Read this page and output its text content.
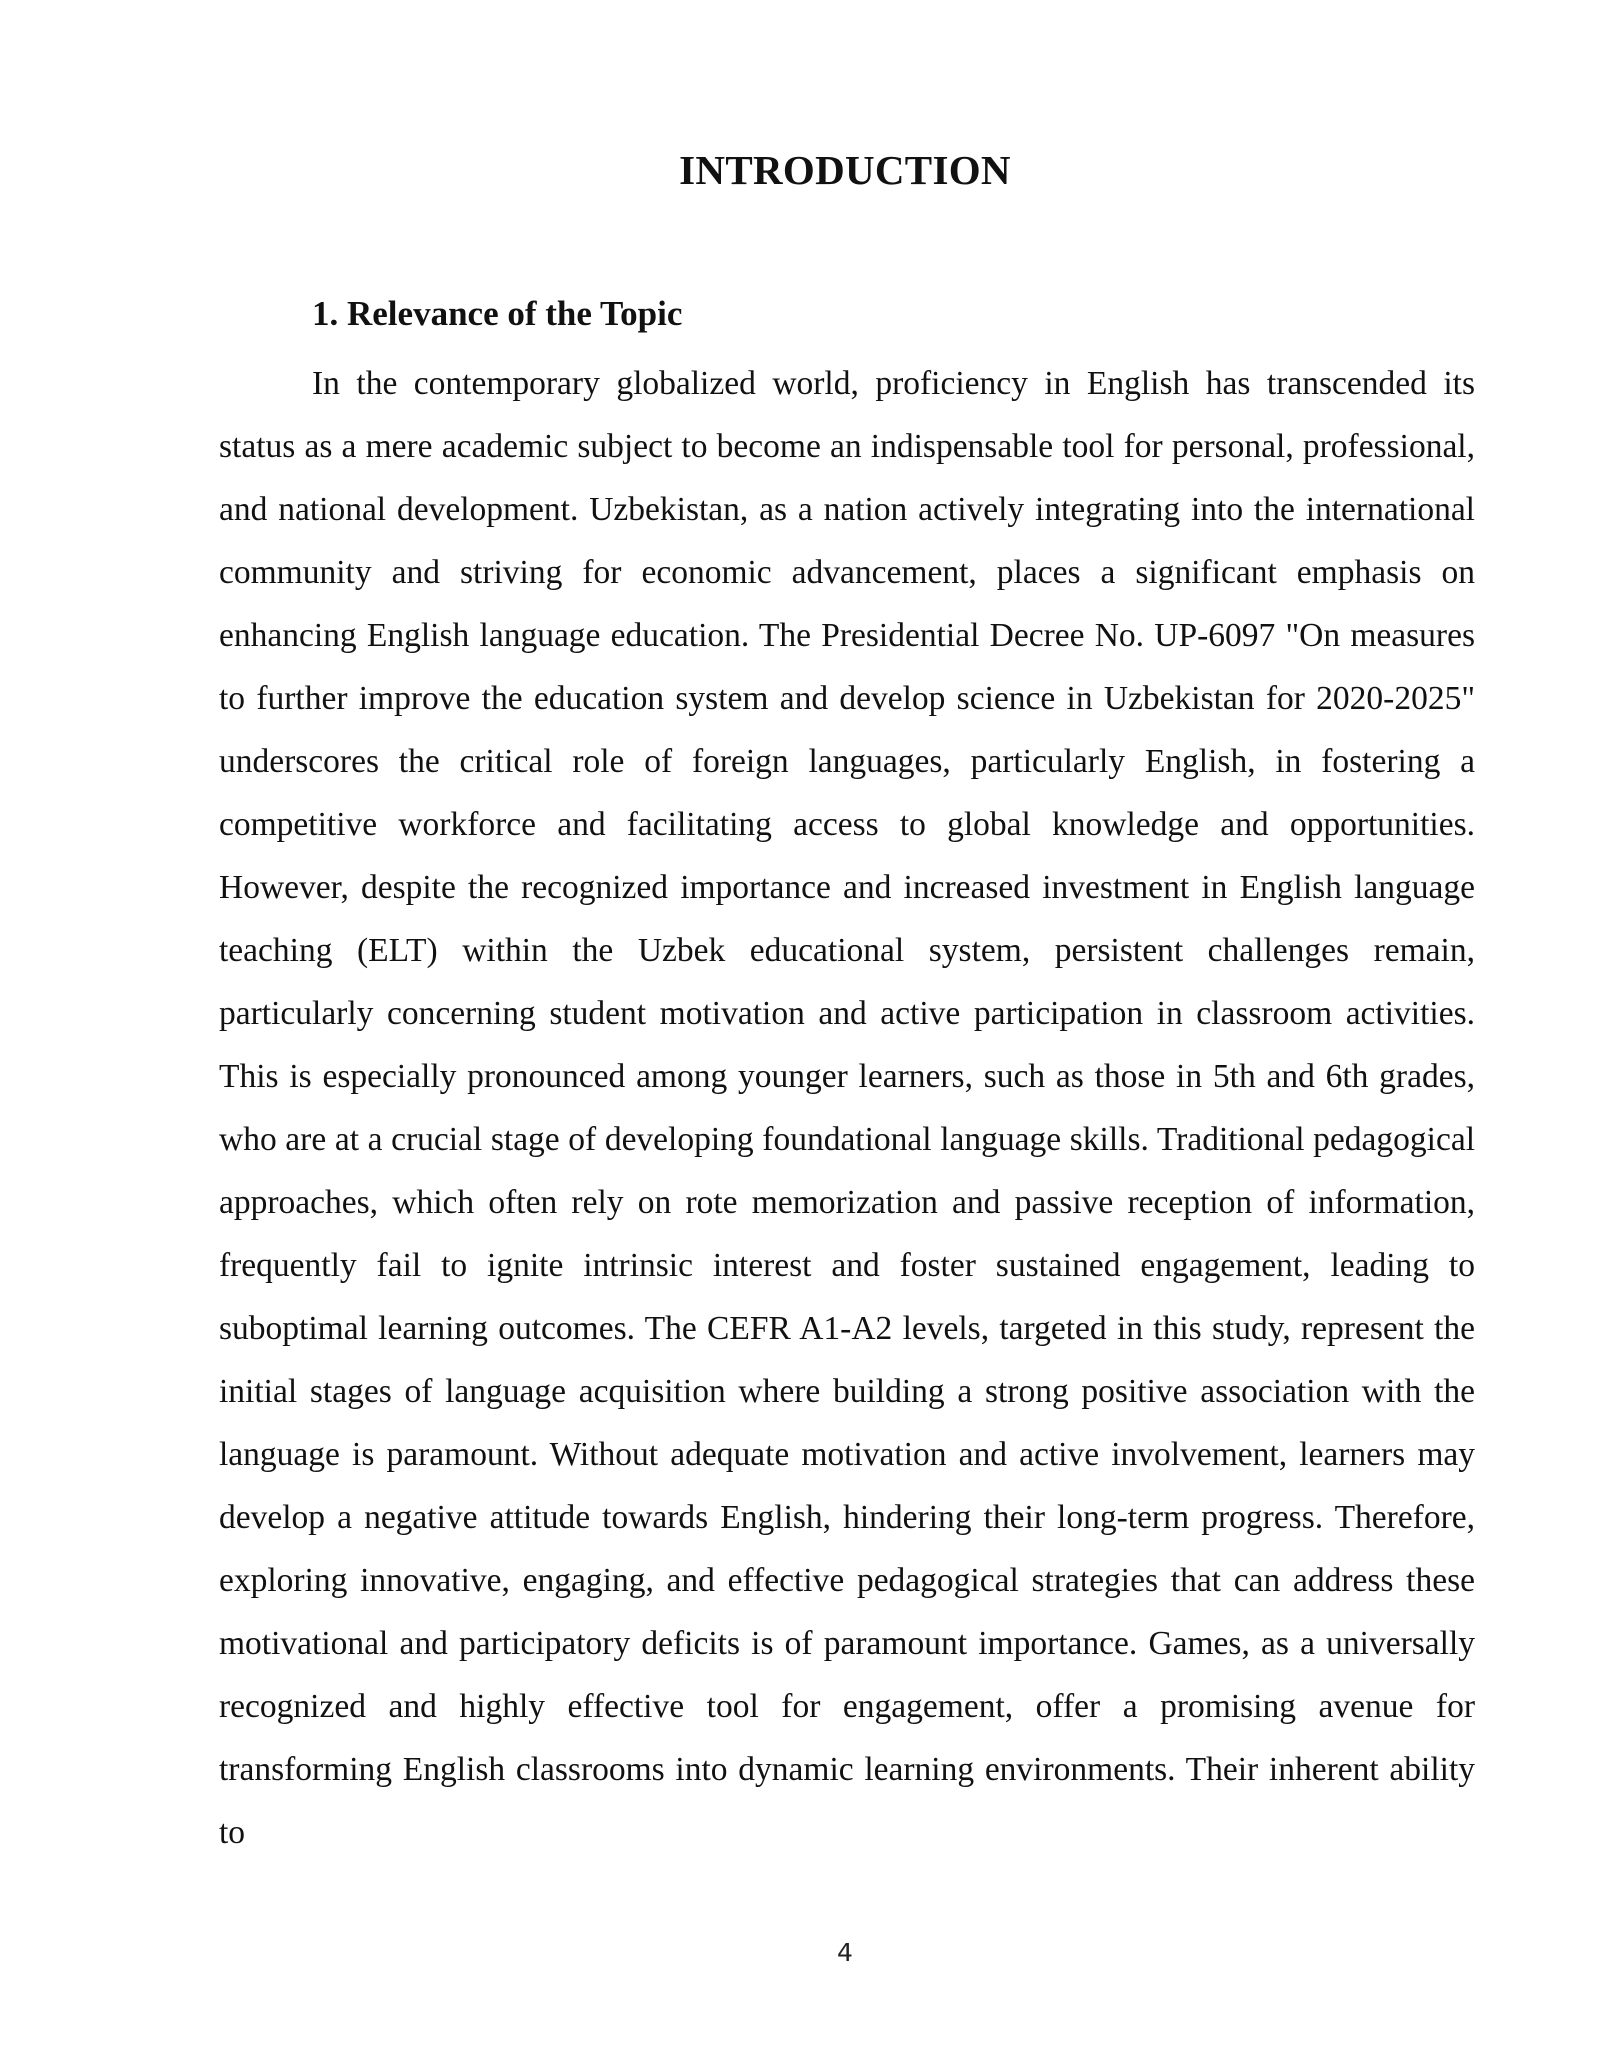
INTRODUCTION
1. Relevance of the Topic

In the contemporary globalized world, proficiency in English has transcended its status as a mere academic subject to become an indispensable tool for personal, professional, and national development. Uzbekistan, as a nation actively integrating into the international community and striving for economic advancement, places a significant emphasis on enhancing English language education. The Presidential Decree No. UP-6097 "On measures to further improve the education system and develop science in Uzbekistan for 2020-2025" underscores the critical role of foreign languages, particularly English, in fostering a competitive workforce and facilitating access to global knowledge and opportunities. However, despite the recognized importance and increased investment in English language teaching (ELT) within the Uzbek educational system, persistent challenges remain, particularly concerning student motivation and active participation in classroom activities. This is especially pronounced among younger learners, such as those in 5th and 6th grades, who are at a crucial stage of developing foundational language skills. Traditional pedagogical approaches, which often rely on rote memorization and passive reception of information, frequently fail to ignite intrinsic interest and foster sustained engagement, leading to suboptimal learning outcomes. The CEFR A1-A2 levels, targeted in this study, represent the initial stages of language acquisition where building a strong positive association with the language is paramount. Without adequate motivation and active involvement, learners may develop a negative attitude towards English, hindering their long-term progress. Therefore, exploring innovative, engaging, and effective pedagogical strategies that can address these motivational and participatory deficits is of paramount importance. Games, as a universally recognized and highly effective tool for engagement, offer a promising avenue for transforming English classrooms into dynamic learning environments. Their inherent ability to

4
